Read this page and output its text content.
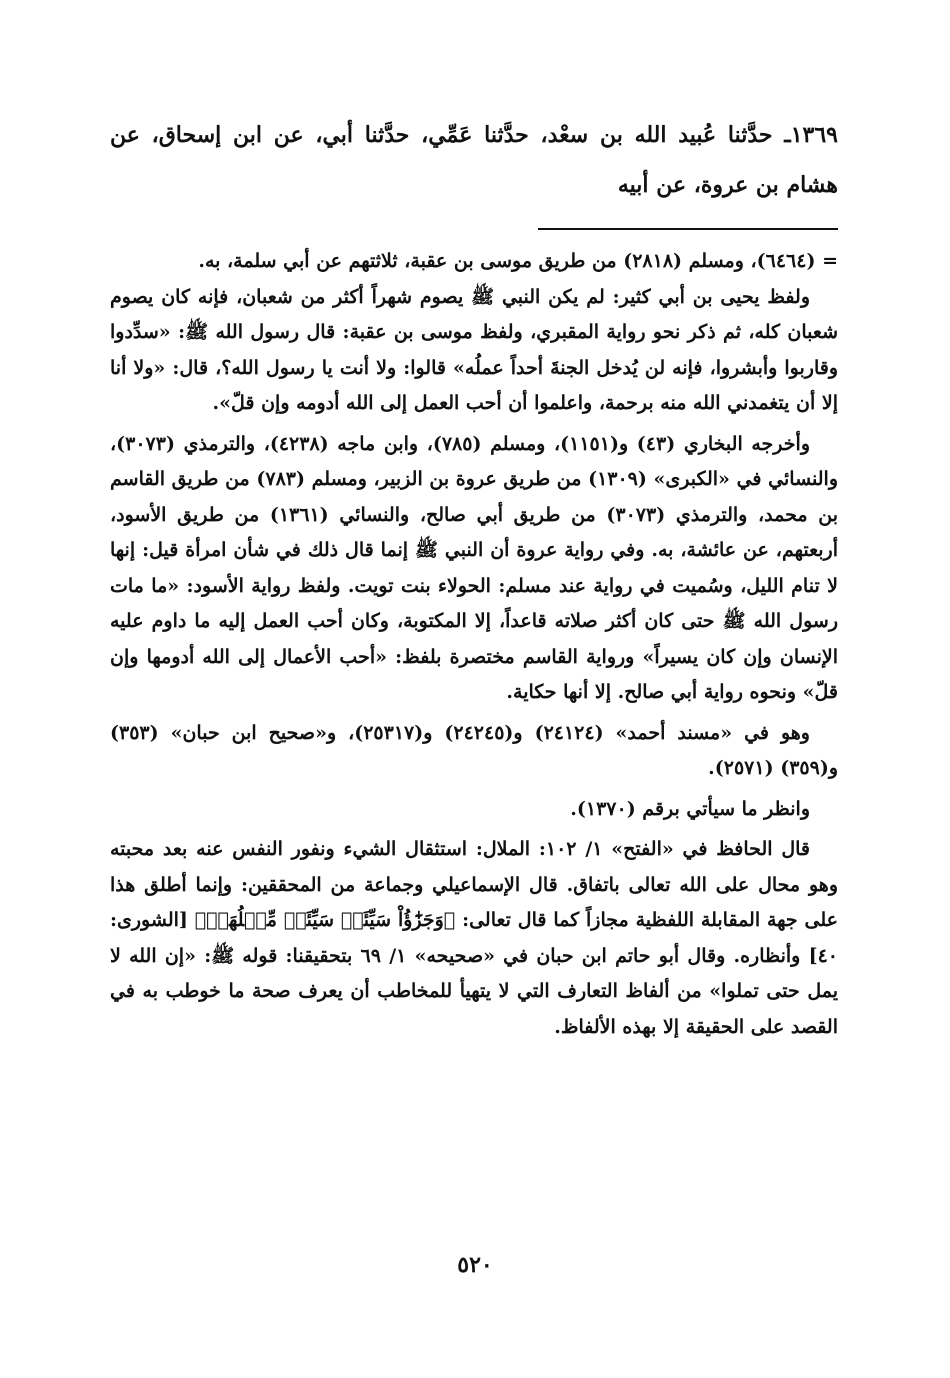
١٣٦٩ـ حدَّثنا عُبيد الله بن سعْد، حدَّثنا عَمِّي، حدَّثنا أبي، عن ابن إسحاق، عن هشام بن عروة، عن أبيه

= (٦٤٦٤)، ومسلم (٢٨١٨) من طريق موسى بن عقبة، ثلاثتهم عن أبي سلمة، به.

ولفظ يحيى بن أبي كثير: لم يكن النبي ﷺ يصوم شهراً أكثر من شعبان، فإنه كان يصوم شعبان كله، ثم ذكر نحو رواية المقبري، ولفظ موسى بن عقبة: قال رسول الله ﷺ: «سدِّدوا وقاربوا وأبشروا، فإنه لن يُدخل الجنةَ أحداً عملُه» قالوا: ولا أنت يا رسول الله؟، قال: «ولا أنا إلا أن يتغمدني الله منه برحمة، واعلموا أن أحب العمل إلى الله أدومه وإن قلّ».

وأخرجه البخاري (٤٣) و(١١٥١)، ومسلم (٧٨٥)، وابن ماجه (٤٢٣٨)، والترمذي (٣٠٧٣)، والنسائي في «الكبرى» (١٣٠٩) من طريق عروة بن الزبير، ومسلم (٧٨٣) من طريق القاسم بن محمد، والترمذي (٣٠٧٣) من طريق أبي صالح، والنسائي (١٣٦١) من طريق الأسود، أربعتهم، عن عائشة، به. وفي رواية عروة أن النبي ﷺ إنما قال ذلك في شأن امرأة قيل: إنها لا تنام الليل، وسُميت في رواية عند مسلم: الحولاء بنت تويت. ولفظ رواية الأسود: «ما مات رسول الله ﷺ حتى كان أكثر صلاته قاعداً، إلا المكتوبة، وكان أحب العمل إليه ما داوم عليه الإنسان وإن كان يسيراً» ورواية القاسم مختصرة بلفظ: «أحب الأعمال إلى الله أدومها وإن قلّ» ونحوه رواية أبي صالح. إلا أنها حكاية.

وهو في «مسند أحمد» (٢٤١٢٤) و(٢٤٢٤٥) و(٢٥٣١٧)، و«صحيح ابن حبان» (٣٥٣) و(٣٥٩) (٢٥٧١).

وانظر ما سيأتي برقم (١٣٧٠).

قال الحافظ في «الفتح» ١/ ١٠٢: الملال: استثقال الشيء ونفور النفس عنه بعد محبته وهو محال على الله تعالى باتفاق. قال الإسماعيلي وجماعة من المحققين: وإنما أطلق هذا على جهة المقابلة اللفظية مجازاً كما قال تعالى: ﴿وَجَزَٰٓؤُاْ سَيِّئَةٖ سَيِّئَةٞ مِّثۡلُهَاۖ﴾ [الشورى: ٤٠] وأنظاره. وقال أبو حاتم ابن حبان في «صحيحه» ١/ ٦٩ بتحقيقنا: قوله ﷺ: «إن الله لا يمل حتى تملوا» من ألفاظ التعارف التي لا يتهيأ للمخاطب أن يعرف صحة ما خوطب به في القصد على الحقيقة إلا بهذه الألفاظ.

٥٢٠
